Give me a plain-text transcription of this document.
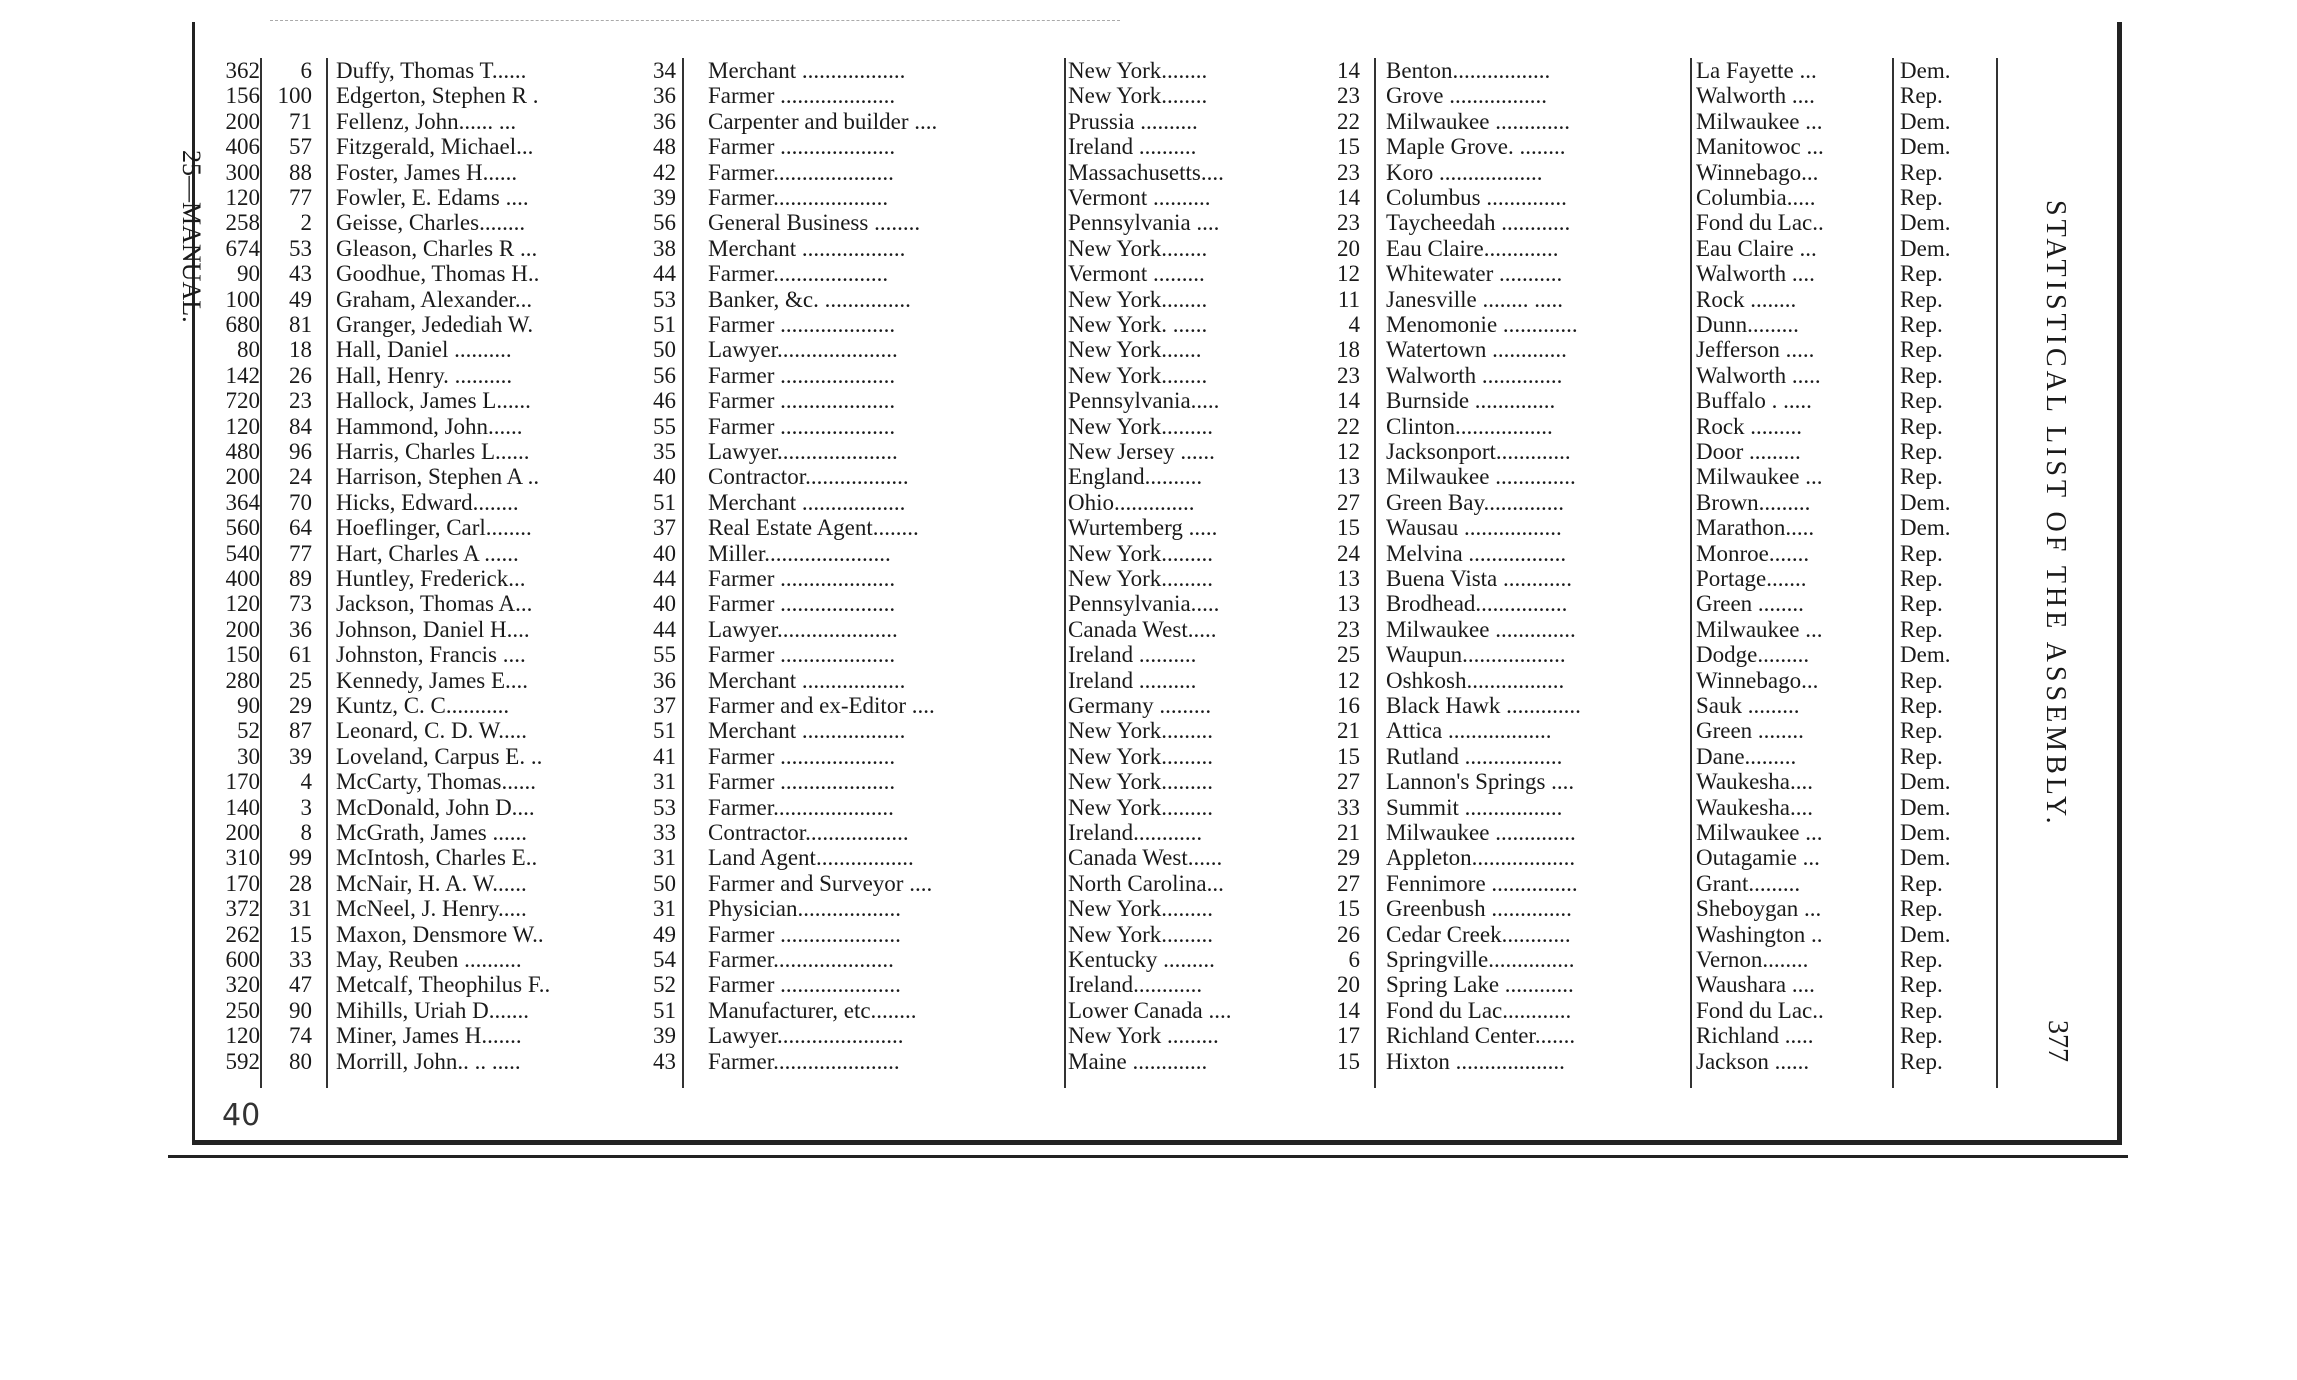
25—MANUAL.
362	6 Duffy, Thomas T......	34 Merchant ..................	New York........	14 Benton.................	La Fayette ...	Dem.
156 100 Edgerton, Stephen R .	36 Farmer ....................	New York........	23 Grove .................	Walworth ....	Rep.
200	71 Fellenz, John...... ...	36 Carpenter and builder ....	Prussia ..........	22 Milwaukee .............	Milwaukee ...	Dem.
406	57 Fitzgerald, Michael...	48 Farmer ....................	Ireland ..........	15 Maple Grove. ........	Manitowoc ...	Dem.
300	88 Foster, James H......	42 Farmer.....................	Massachusetts....	23 Koro ..................	Winnebago...	Rep.
120	77 Fowler, E. Edams ....	39 Farmer....................	Vermont ..........	14 Columbus ..............	Columbia.....	Rep.
258	2 Geisse, Charles........	56 General Business ........	Pennsylvania ....	23 Taycheedah ............	Fond du Lac..	Dem.
674	53 Gleason, Charles R ...	38 Merchant ..................	New York........	20 Eau Claire.............	Eau Claire ...	Dem.
90	43 Goodhue, Thomas H..	44 Farmer....................	Vermont .........	12 Whitewater ...........	Walworth ....	Rep.
100	49 Graham, Alexander...	53 Banker, &c. ...............	New York........	11 Janesville ........ .....	Rock ........	Rep.
680	81 Granger, Jedediah W.	51 Farmer ....................	New York. ......	4 Menomonie .............	Dunn.........	Rep.
80	18 Hall, Daniel ..........	50 Lawyer.....................	New York.......	18 Watertown .............	Jefferson .....	Rep.
142	26 Hall, Henry. ..........	56 Farmer ....................	New York........	23 Walworth ..............	Walworth .....	Rep.
720	23 Hallock, James L......	46 Farmer ....................	Pennsylvania.....	14 Burnside ..............	Buffalo . .....	Rep.
120	84 Hammond, John......	55 Farmer ....................	New York.........	22 Clinton.................	Rock .........	Rep.
480	96 Harris, Charles L......	35 Lawyer.....................	New Jersey ......	12 Jacksonport.............	Door .........	Rep.
200	24 Harrison, Stephen A ..	40 Contractor..................	England..........	13 Milwaukee ..............	Milwaukee ...	Rep.
364	70 Hicks, Edward........	51 Merchant ..................	Ohio..............	27 Green Bay..............	Brown.........	Dem.
560	64 Hoeflinger, Carl........	37 Real Estate Agent........	Wurtemberg .....	15 Wausau .................	Marathon.....	Dem.
540	77 Hart, Charles A ......	40 Miller......................	New York.........	24 Melvina .................	Monroe.......	Rep.
400	89 Huntley, Frederick...	44 Farmer ....................	New York.........	13 Buena Vista ............	Portage.......	Rep.
120	73 Jackson, Thomas A...	40 Farmer ....................	Pennsylvania.....	13 Brodhead................	Green ........	Rep.
200	36 Johnson, Daniel H....	44 Lawyer.....................	Canada West.....	23 Milwaukee ..............	Milwaukee ...	Rep.
150	61 Johnston, Francis ....	55 Farmer ....................	Ireland ..........	25 Waupun..................	Dodge.........	Dem.
280	25 Kennedy, James E....	36 Merchant ..................	Ireland ..........	12 Oshkosh.................	Winnebago...	Rep.
90	29 Kuntz, C. C...........	37 Farmer and ex-Editor ....	Germany .........	16 Black Hawk .............	Sauk .........	Rep.
52	87 Leonard, C. D. W.....	51 Merchant ..................	New York.........	21 Attica ..................	Green ........	Rep.
30	39 Loveland, Carpus E. ..	41 Farmer ....................	New York.........	15 Rutland .................	Dane.........	Rep.
170	4 McCarty, Thomas......	31 Farmer ....................	New York.........	27 Lannon's Springs ....	Waukesha....	Dem.
140	3 McDonald, John D....	53 Farmer.....................	New York.........	33 Summit .................	Waukesha....	Dem.
200	8 McGrath, James ......	33 Contractor..................	Ireland............	21 Milwaukee ..............	Milwaukee ...	Dem.
310	99 McIntosh, Charles E..	31 Land Agent.................	Canada West......	29 Appleton..................	Outagamie ...	Dem.
170	28 McNair, H. A. W......	50 Farmer and Surveyor ....	North Carolina...	27 Fennimore ...............	Grant.........	Rep.
372	31 McNeel, J. Henry.....	31 Physician..................	New York.........	15 Greenbush ..............	Sheboygan ...	Rep.
262	15 Maxon, Densmore W..	49 Farmer .....................	New York.........	26 Cedar Creek............	Washington ..	Dem.
600	33 May, Reuben ..........	54 Farmer.....................	Kentucky .........	6 Springville...............	Vernon........	Rep.
320	47 Metcalf, Theophilus F..	52 Farmer .....................	Ireland............	20 Spring Lake ............	Waushara ....	Rep.
250	90 Mihills, Uriah D.......	51 Manufacturer, etc........	Lower Canada ....	14 Fond du Lac............	Fond du Lac..	Rep.
120	74 Miner, James H.......	39 Lawyer......................	New York .........	17 Richland Center.......	Richland .....	Rep.
592	80 Morrill, John.. .. .....	43 Farmer......................	Maine .............	15 Hixton ...................	Jackson ......	Rep.
STATISTICAL LIST OF THE ASSEMBLY.
377
40
